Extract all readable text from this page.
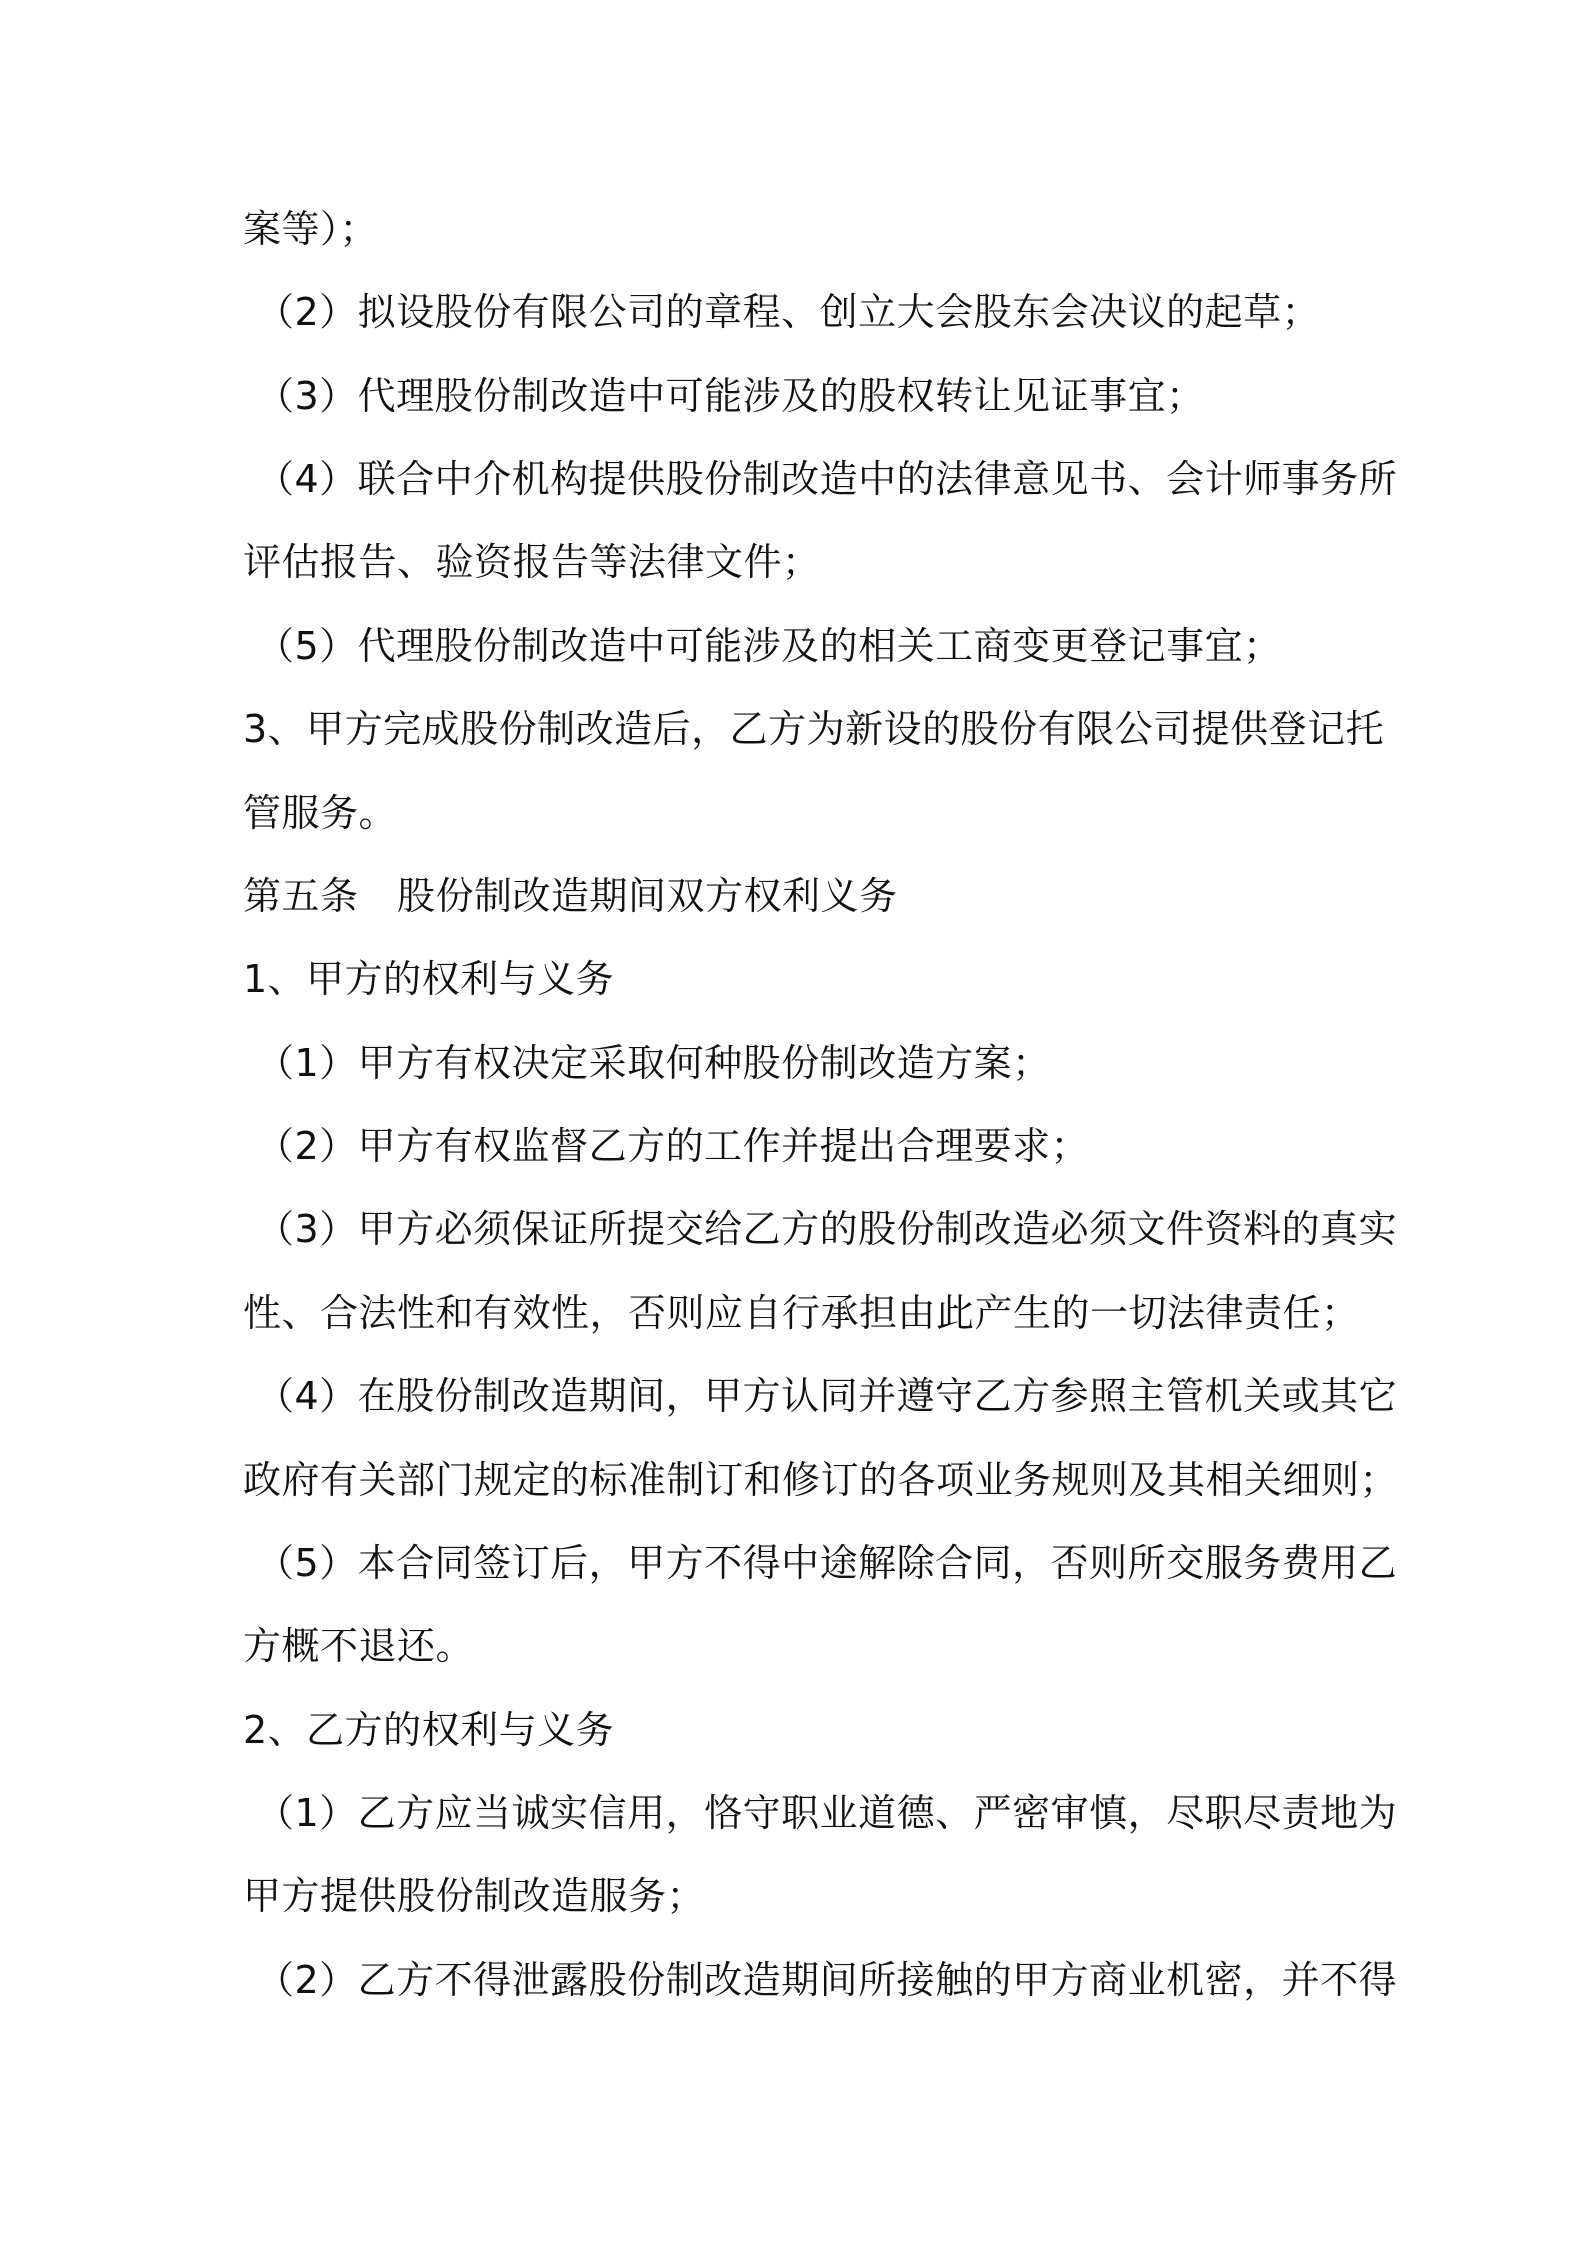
案等）；
（2）拟设股份有限公司的章程、创立大会股东会决议的起草；
（3）代理股份制改造中可能涉及的股权转让见证事宜；
（4）联合中介机构提供股份制改造中的法律意见书、会计师事务所
评估报告、验资报告等法律文件；
（5）代理股份制改造中可能涉及的相关工商变更登记事宜；
3、甲方完成股份制改造后，乙方为新设的股份有限公司提供登记托
管服务。
第五条　股份制改造期间双方权利义务
1、甲方的权利与义务
（1）甲方有权决定采取何种股份制改造方案；
（2）甲方有权监督乙方的工作并提出合理要求；
（3）甲方必须保证所提交给乙方的股份制改造必须文件资料的真实
性、合法性和有效性，否则应自行承担由此产生的一切法律责任；
（4）在股份制改造期间，甲方认同并遵守乙方参照主管机关或其它
政府有关部门规定的标准制订和修订的各项业务规则及其相关细则；
（5）本合同签订后，甲方不得中途解除合同，否则所交服务费用乙
方概不退还。
2、乙方的权利与义务
（1）乙方应当诚实信用，恪守职业道德、严密审慎，尽职尽责地为
甲方提供股份制改造服务；
（2）乙方不得泄露股份制改造期间所接触的甲方商业机密，并不得
